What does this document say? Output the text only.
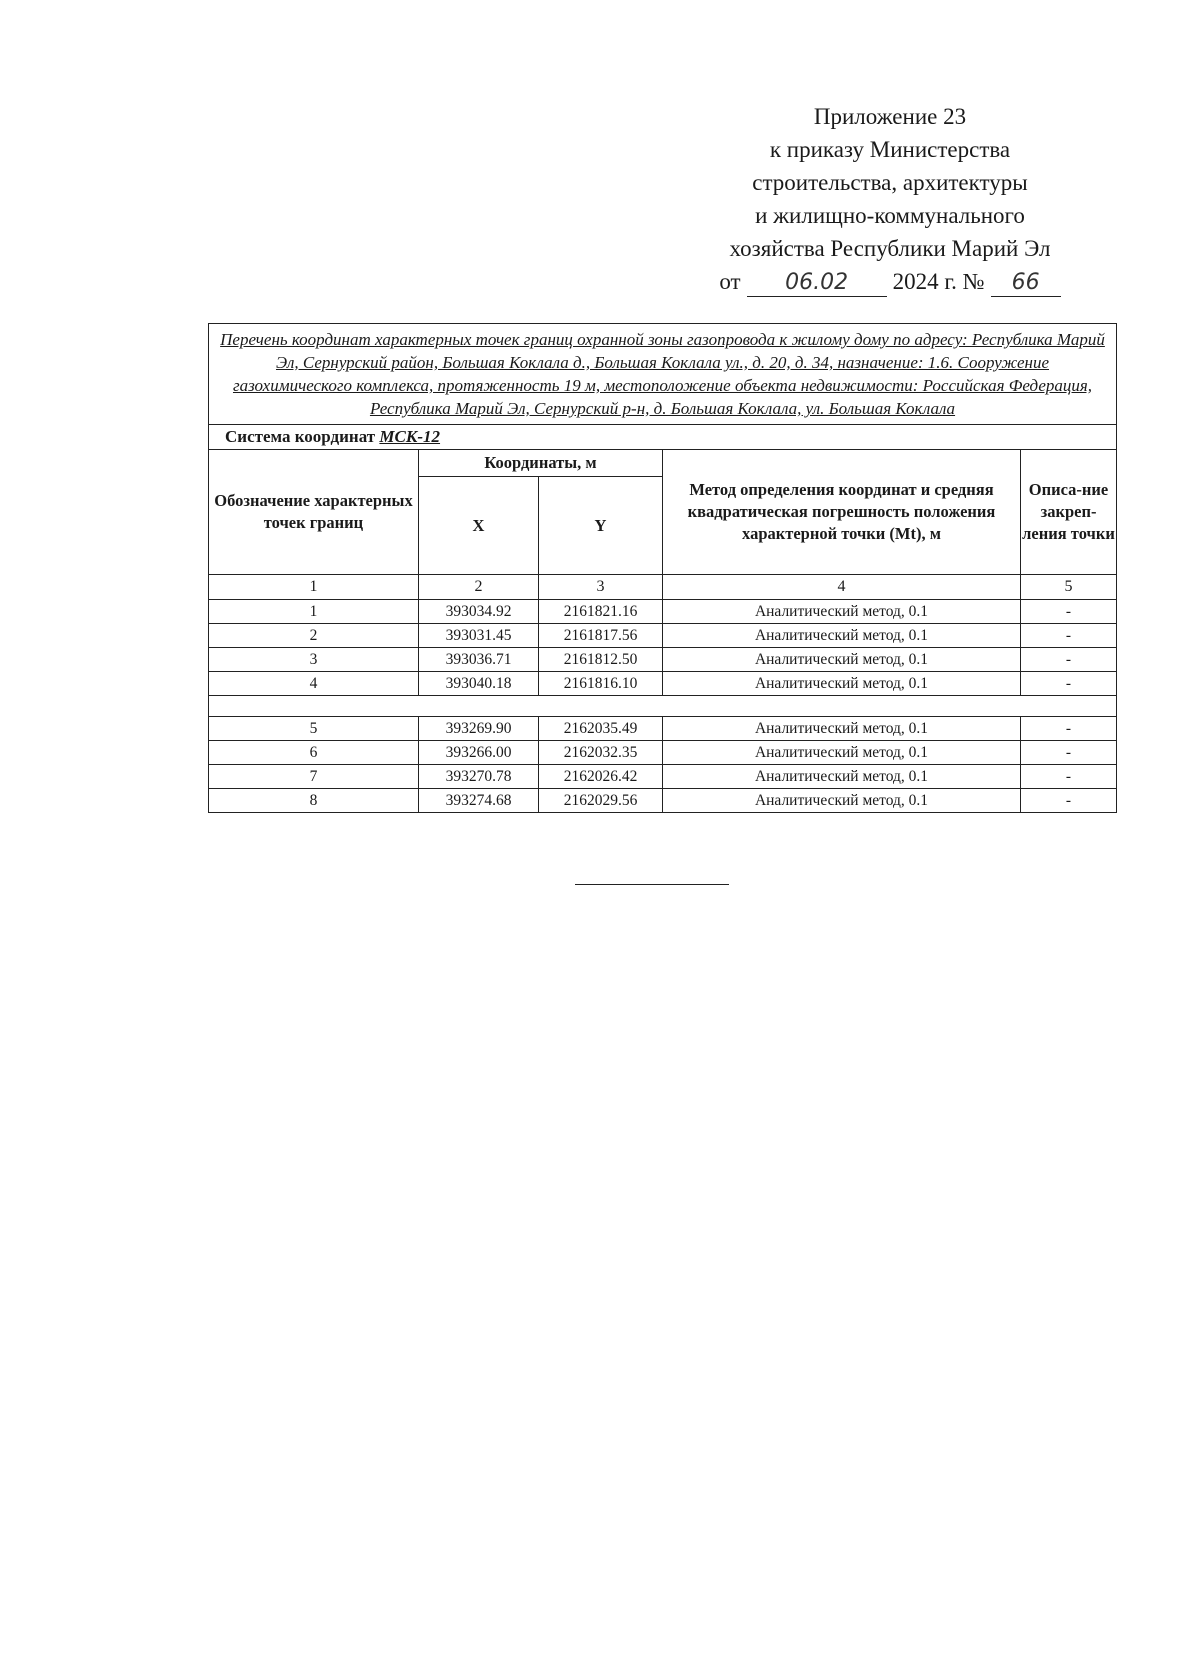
Приложение 23
к приказу Министерства
строительства, архитектуры
и жилищно-коммунального
хозяйства Республики Марий Эл
от	06.02	2024 г. №	66
Перечень координат характерных точек границ охранной зоны газопровода к жилому дому по адресу: Республика Марий Эл, Сернурский район, Большая Коклала д., Большая Коклала ул., д. 20, д. 34, назначение: 1.6. Сооружение газохимического комплекса, протяженность 19 м, местоположение объекта недвижимости: Российская Федерация, Республика Марий Эл, Сернурский р-н, д. Большая Коклала, ул. Большая Коклала				
Система координат МСК-12				
Обозначение характерных точек границ	Координаты, м		Метод определения координат и средняя квадратическая погрешность положения характерной точки (Mt), м	Описа-ние закреп-ления точки
	X	Y		
1	2	3	4	5
1	393034.92	2161821.16	Аналитический метод, 0.1	-
2	393031.45	2161817.56	Аналитический метод, 0.1	-
3	393036.71	2161812.50	Аналитический метод, 0.1	-
4	393040.18	2161816.10	Аналитический метод, 0.1	-

5	393269.90	2162035.49	Аналитический метод, 0.1	-
6	393266.00	2162032.35	Аналитический метод, 0.1	-
7	393270.78	2162026.42	Аналитический метод, 0.1	-
8	393274.68	2162029.56	Аналитический метод, 0.1	-
